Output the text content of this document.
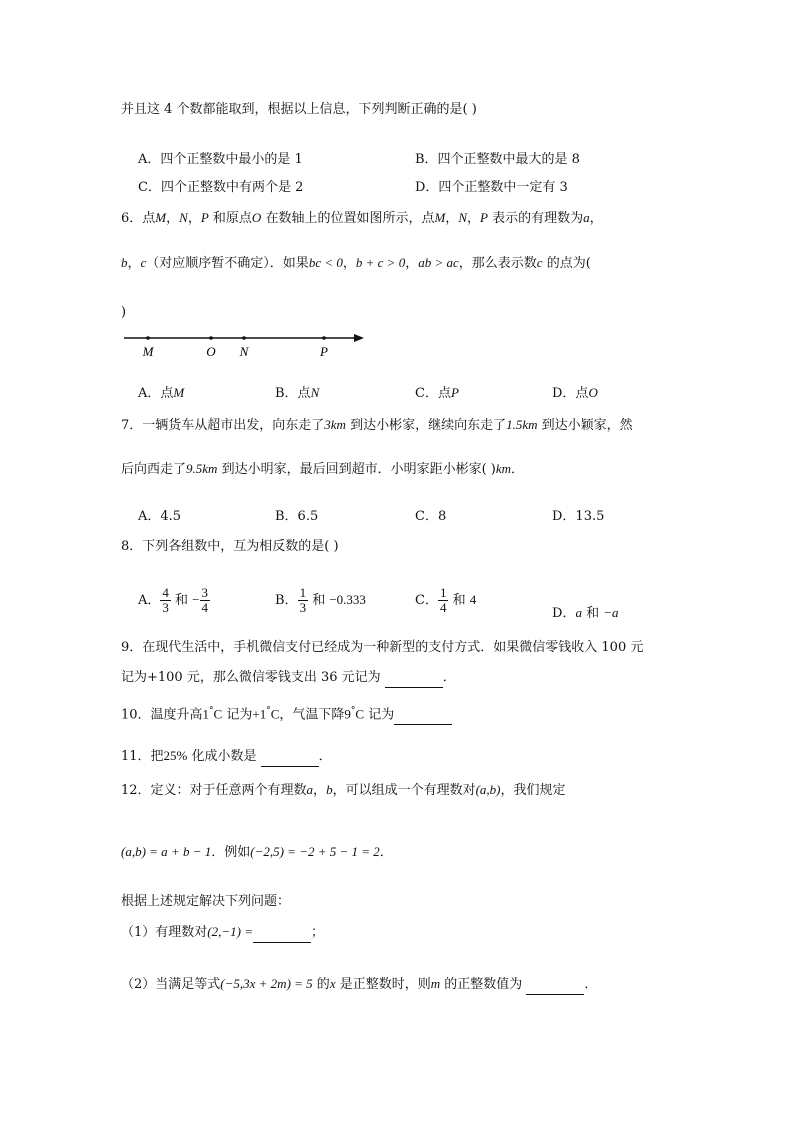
并且这 4 个数都能取到，根据以上信息，下列判断正确的是( )
A．四个正整数中最小的是 1	B．四个正整数中最大的是 8
C．四个正整数中有两个是 2	D．四个正整数中一定有 3
6．点M，N，P 和原点O 在数轴上的位置如图所示，点M，N，P 表示的有理数为a，
b，c（对应顺序暂不确定）．如果bc < 0，b + c > 0，ab > ac，那么表示数c 的点为(
)
M	O N	P
A．点M	B．点N	C．点P	D．点O
7．一辆货车从超市出发，向东走了3km 到达小彬家，继续向东走了1.5km 到达小颖家，然
后向西走了9.5km 到达小明家，最后回到超市．小明家距小彬家( )km．
A．4.5	B．6.5	C．8	D．13.5
8．下列各组数中，互为相反数的是( )
A． $\frac{4}{3}$ 和 − $\frac{3}{4}$	B． $\frac{1}{3}$ 和 −0.333	C． $\frac{1}{4}$ 和 4
D．a 和 −a
9．在现代生活中，手机微信支付已经成为一种新型的支付方式．如果微信零钱收入 100 元
记为+100 元，那么微信零钱支出 36 元记为	．
10．温度升高1°C 记为+1°C，气温下降9°C 记为
11．把25% 化成小数是	．
12．定义：对于任意两个有理数a，b，可以组成一个有理数对(a,b)，我们规定
(a,b) = a + b − 1．例如(−2,5) = −2 + 5 − 1 = 2．
根据上述规定解决下列问题：
（1）有理数对(2,−1) =	；
（2）当满足等式(−5,3x + 2m) = 5 的x 是正整数时，则m 的正整数值为	．
